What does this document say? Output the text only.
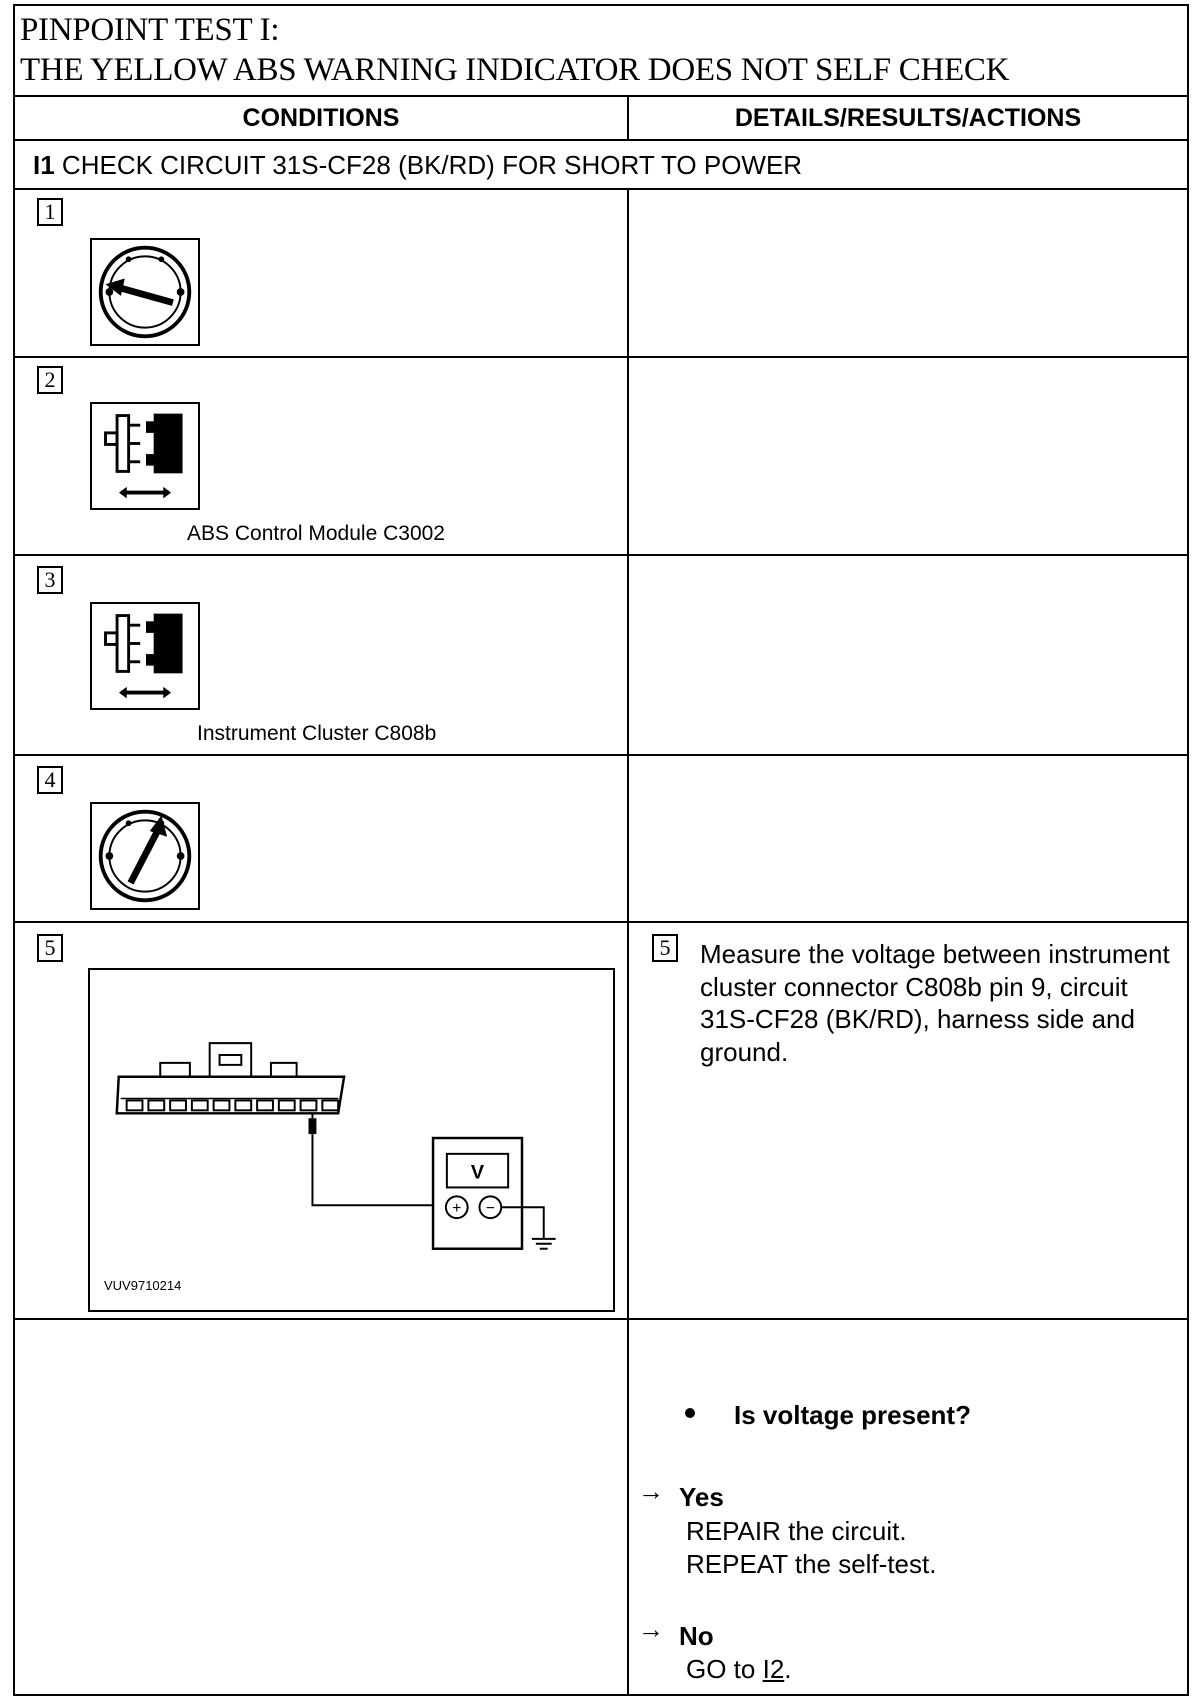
PINPOINT TEST I:
THE YELLOW ABS WARNING INDICATOR DOES NOT SELF CHECK
CONDITIONS	DETAILS/RESULTS/ACTIONS
I1 CHECK CIRCUIT 31S-CF28 (BK/RD) FOR SHORT TO POWER
1
2
ABS Control Module C3002
3
Instrument Cluster C808b
4
5
V
+ −
VUV9710214
5 Measure the voltage between instrument cluster connector C808b pin 9, circuit 31S-CF28 (BK/RD), harness side and ground.
Is voltage present?
→ Yes
REPAIR the circuit.
REPEAT the self-test.
→ No
GO to I2.
